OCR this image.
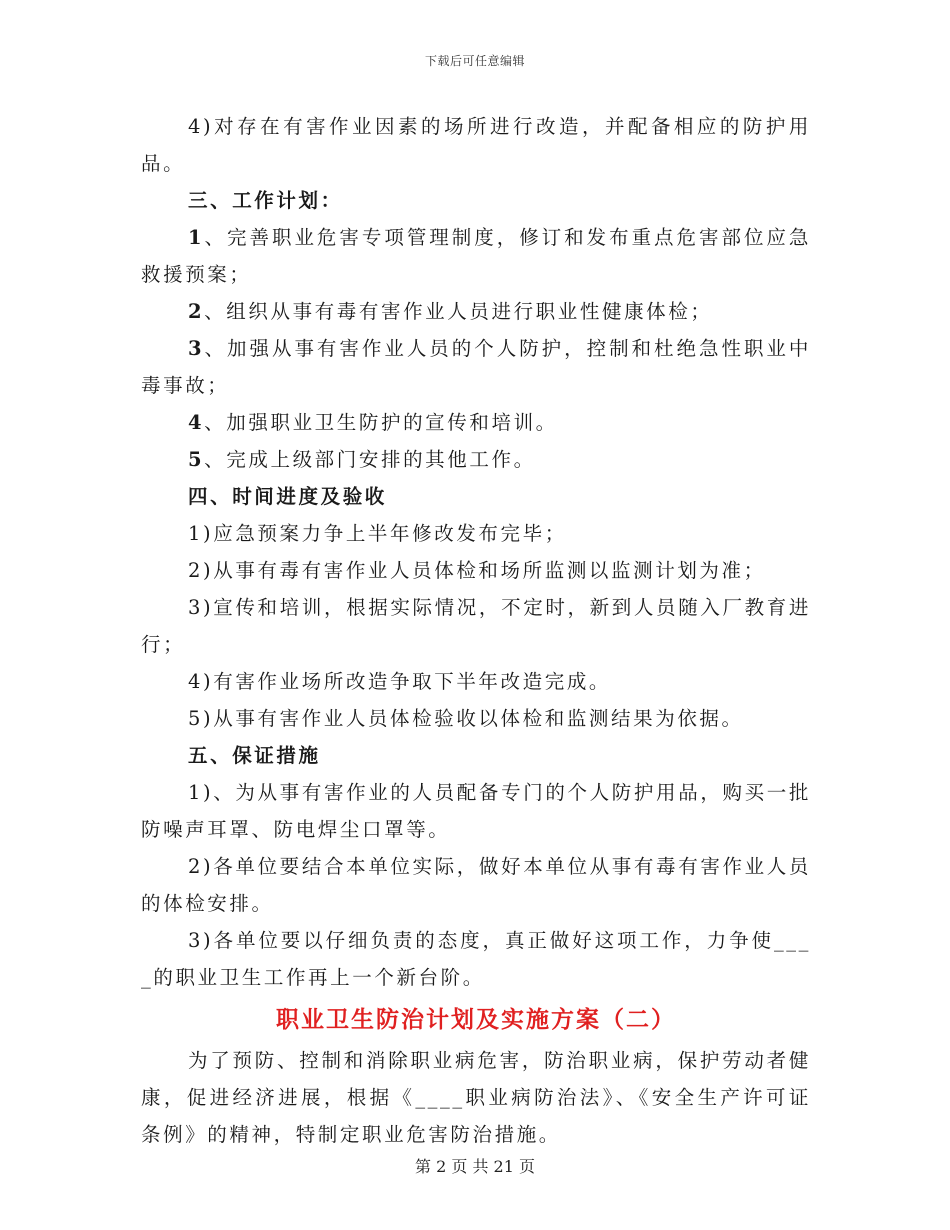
下载后可任意编辑

4)对存在有害作业因素的场所进行改造，并配备相应的防护用品。

三、工作计划：

1、完善职业危害专项管理制度，修订和发布重点危害部位应急救援预案；

2、组织从事有毒有害作业人员进行职业性健康体检；

3、加强从事有害作业人员的个人防护，控制和杜绝急性职业中毒事故；

4、加强职业卫生防护的宣传和培训。

5、完成上级部门安排的其他工作。

四、时间进度及验收

1)应急预案力争上半年修改发布完毕；

2)从事有毒有害作业人员体检和场所监测以监测计划为准；

3)宣传和培训，根据实际情况，不定时，新到人员随入厂教育进行；

4)有害作业场所改造争取下半年改造完成。

5)从事有害作业人员体检验收以体检和监测结果为依据。

五、保证措施

1)、为从事有害作业的人员配备专门的个人防护用品，购买一批防噪声耳罩、防电焊尘口罩等。

2)各单位要结合本单位实际，做好本单位从事有毒有害作业人员的体检安排。

3)各单位要以仔细负责的态度，真正做好这项工作，力争使____的职业卫生工作再上一个新台阶。

职业卫生防治计划及实施方案（二）

为了预防、控制和消除职业病危害，防治职业病，保护劳动者健康，促进经济进展，根据《____职业病防治法》、《安全生产许可证条例》的精神，特制定职业危害防治措施。

第 2 页 共 21 页
